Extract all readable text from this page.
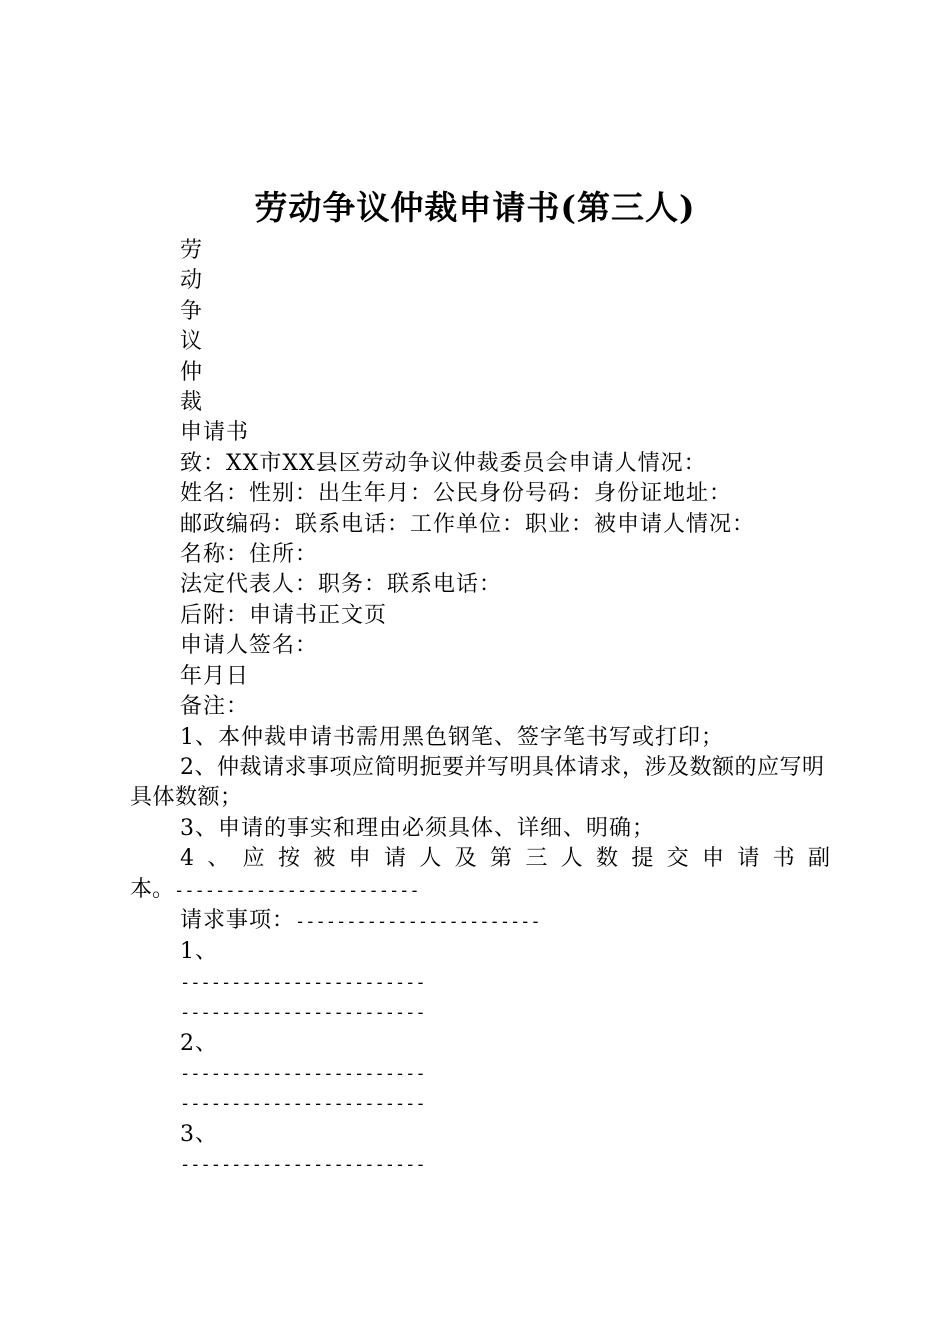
劳动争议仲裁申请书(第三人)
劳
动
争
议
仲
裁
申请书
致：XX市XX县区劳动争议仲裁委员会申请人情况：
姓名：性别：出生年月：公民身份号码：身份证地址：
邮政编码：联系电话：工作单位：职业：被申请人情况：
名称：住所：
法定代表人：职务：联系电话：
后附：申请书正文页
申请人签名：
年月日
备注：
1、本仲裁申请书需用黑色钢笔、签字笔书写或打印；
2、仲裁请求事项应简明扼要并写明具体请求，涉及数额的应写明具体数额；
3、申请的事实和理由必须具体、详细、明确；
4、应按被申请人及第三人数提交申请书副
本。------------------------
请求事项：------------------------
1、
------------------------
------------------------
2、
------------------------
------------------------
3、
------------------------
